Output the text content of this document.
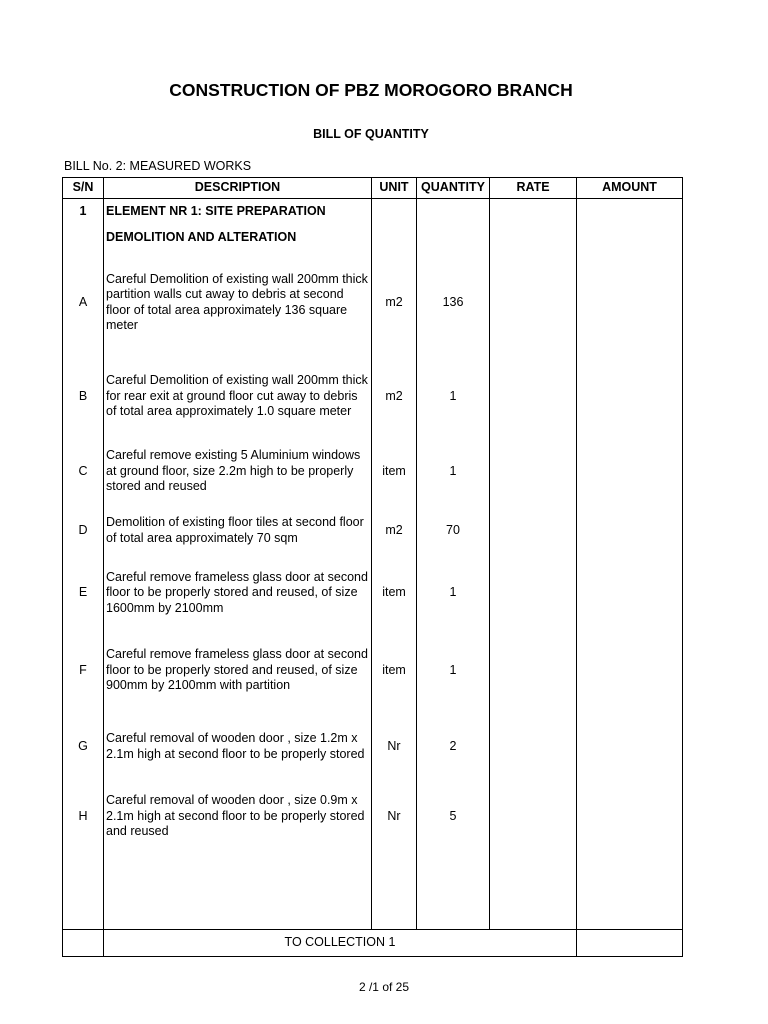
CONSTRUCTION OF PBZ MOROGORO BRANCH
BILL OF QUANTITY
BILL No. 2: MEASURED WORKS
S/N	DESCRIPTION	UNIT	QUANTITY	RATE	AMOUNT
1	ELEMENT NR 1: SITE PREPARATION				
	DEMOLITION AND ALTERATION				
A	Careful Demolition of existing wall 200mm thick partition walls cut away to debris at second floor of total area approximately 136 square meter	m2	136		
B	Careful Demolition of existing wall 200mm thick for rear exit at ground floor cut away to debris of total area approximately 1.0 square meter	m2	1		
C	Careful remove existing 5 Aluminium windows at ground floor, size 2.2m high to be properly stored and reused	item	1		
D	Demolition of existing floor tiles at second floor of total area approximately 70 sqm	m2	70		
E	Careful remove frameless glass door at second floor to be properly stored and reused, of size 1600mm by 2100mm	item	1		
F	Careful remove frameless glass door at second floor to be properly stored and reused, of size 900mm by 2100mm with partition	item	1		
G	Careful removal of wooden door , size 1.2m x 2.1m high at second floor to be properly stored	Nr	2		
H	Careful removal of wooden door , size 0.9m x 2.1m high at second floor to be properly stored and reused	Nr	5		

	TO COLLECTION 1				
2 /1 of 25
